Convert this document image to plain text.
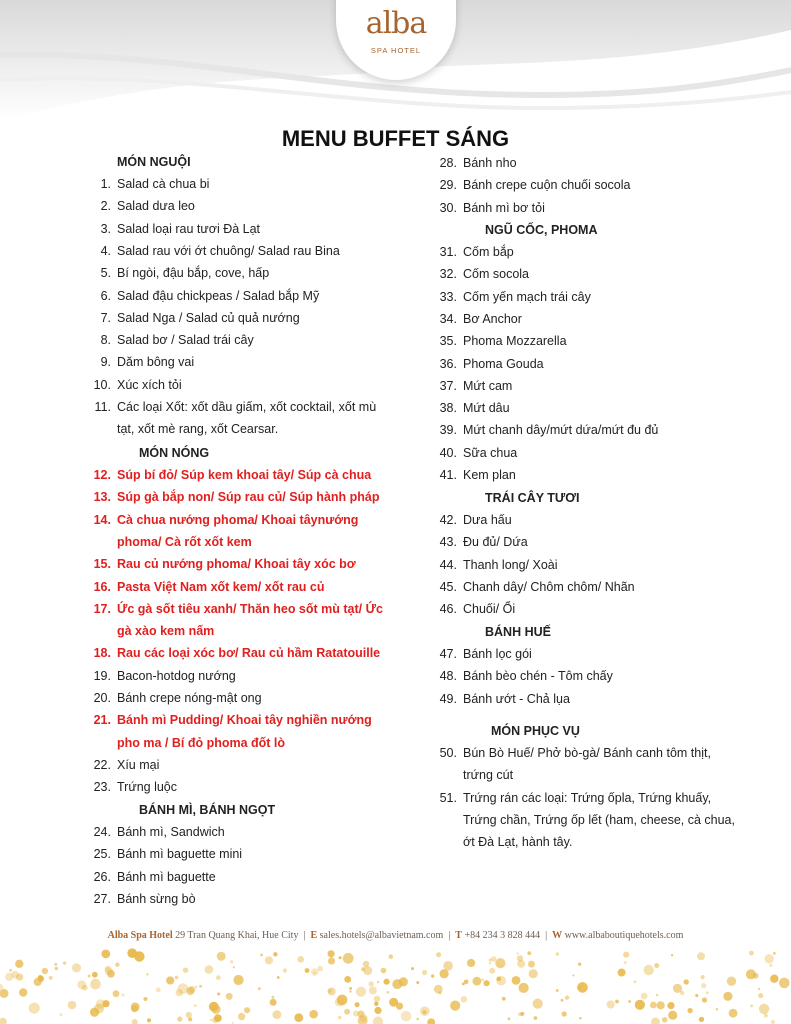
alba
SPA HOTEL
MENU BUFFET SÁNG
MÓN NGUỘI
1. Salad cà chua bi
2. Salad dưa leo
3. Salad loại rau tươi Đà Lạt
4. Salad rau với ớt chuông/ Salad rau Bina
5. Bí ngòi, đậu bắp, cove, hấp
6. Salad đậu chickpeas / Salad bắp Mỹ
7. Salad Nga / Salad củ quả nướng
8. Salad bơ / Salad trái cây
9. Dăm bông vai
10. Xúc xích tỏi
11. Các loại Xốt: xốt dầu giấm, xốt cocktail, xốt mù
tạt, xốt mè rang, xốt Cearsar.
MÓN NÓNG
12. Súp bí đỏ/ Súp kem khoai tây/ Súp cà chua
13. Súp gà bắp non/ Súp rau củ/ Súp hành pháp
14. Cà chua nướng phoma/ Khoai tâynướng
phoma/ Cà rốt xốt kem
15. Rau củ nướng phoma/ Khoai tây xóc bơ
16. Pasta Việt Nam xốt kem/ xốt rau củ
17. Ức gà sốt tiêu xanh/ Thăn heo sốt mù tạt/ Ức
gà xào kem nấm
18. Rau các loại xóc bơ/ Rau củ hầm Ratatouille
19. Bacon-hotdog nướng
20. Bánh crepe nóng-mật ong
21. Bánh mì Pudding/ Khoai tây nghiền nướng
pho ma / Bí đỏ phoma đốt lò
22. Xíu mại
23. Trứng luộc
BÁNH MÌ, BÁNH NGỌT
24. Bánh mì, Sandwich
25. Bánh mì baguette mini
26. Bánh mì baguette
27. Bánh sừng bò
28. Bánh nho
29. Bánh crepe cuộn chuối socola
30. Bánh mì bơ tỏi
NGŨ CỐC, PHOMA
31. Cốm bắp
32. Cốm socola
33. Cốm yến mạch trái cây
34. Bơ Anchor
35. Phoma Mozzarella
36. Phoma Gouda
37. Mứt cam
38. Mứt dâu
39. Mứt chanh dây/mứt dứa/mứt đu đủ
40. Sữa chua
41. Kem plan
TRÁI CÂY TƯƠI
42. Dưa hấu
43. Đu đủ/ Dứa
44. Thanh long/ Xoài
45. Chanh dây/ Chôm chôm/ Nhãn
46. Chuối/ Ổi
BÁNH HUẾ
47. Bánh lọc gói
48. Bánh bèo chén - Tôm chấy
49. Bánh ướt - Chả lụa
MÓN PHỤC VỤ
50. Bún Bò Huế/ Phở bò-gà/ Bánh canh tôm thịt,
trứng cút
51. Trứng rán các loại: Trứng ốpla, Trứng khuấy,
Trứng chần, Trứng ốp lết (ham, cheese, cà chua,
ớt Đà Lạt, hành tây.
Alba Spa Hotel 29 Tran Quang Khai, Hue City  |  E sales.hotels@albavietnam.com  |  T +84 234 3 828 444  |  W www.albaboutiquehotels.com
